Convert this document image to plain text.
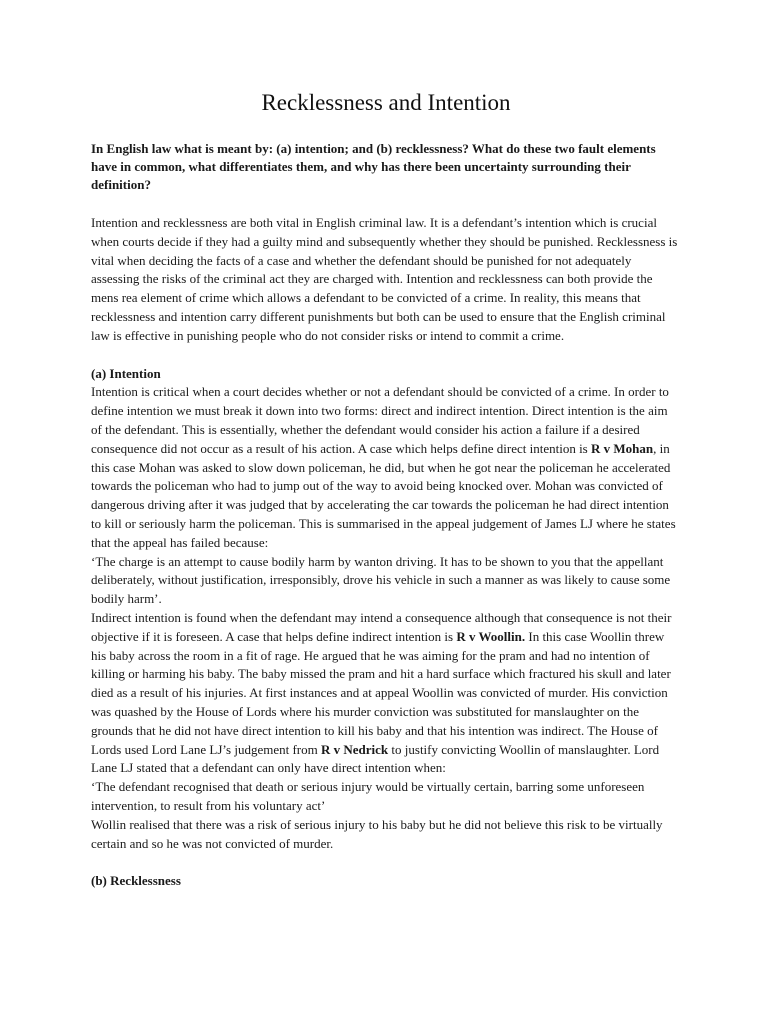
Recklessness and Intention

In English law what is meant by: (a) intention; and (b) recklessness? What do these two fault elements have in common, what differentiates them, and why has there been uncertainty surrounding their definition?

Intention and recklessness are both vital in English criminal law. It is a defendant’s intention which is crucial when courts decide if they had a guilty mind and subsequently whether they should be punished. Recklessness is vital when deciding the facts of a case and whether the defendant should be punished for not adequately assessing the risks of the criminal act they are charged with. Intention and recklessness can both provide the mens rea element of crime which allows a defendant to be convicted of a crime. In reality, this means that recklessness and intention carry different punishments but both can be used to ensure that the English criminal law is effective in punishing people who do not consider risks or intend to commit a crime.

(a) Intention

Intention is critical when a court decides whether or not a defendant should be convicted of a crime. In order to define intention we must break it down into two forms: direct and indirect intention. Direct intention is the aim of the defendant. This is essentially, whether the defendant would consider his action a failure if a desired consequence did not occur as a result of his action. A case which helps define direct intention is R v Mohan, in this case Mohan was asked to slow down policeman, he did, but when he got near the policeman he accelerated towards the policeman who had to jump out of the way to avoid being knocked over. Mohan was convicted of dangerous driving after it was judged that by accelerating the car towards the policeman he had direct intention to kill or seriously harm the policeman. This is summarised in the appeal judgement of James LJ where he states that the appeal has failed because:

‘The charge is an attempt to cause bodily harm by wanton driving. It has to be shown to you that the appellant deliberately, without justification, irresponsibly, drove his vehicle in such a manner as was likely to cause some bodily harm’.

Indirect intention is found when the defendant may intend a consequence although that consequence is not their objective if it is foreseen. A case that helps define indirect intention is R v Woollin. In this case Woollin threw his baby across the room in a fit of rage. He argued that he was aiming for the pram and had no intention of killing or harming his baby. The baby missed the pram and hit a hard surface which fractured his skull and later died as a result of his injuries. At first instances and at appeal Woollin was convicted of murder. His conviction was quashed by the House of Lords where his murder conviction was substituted for manslaughter on the grounds that he did not have direct intention to kill his baby and that his intention was indirect. The House of Lords used Lord Lane LJ’s judgement from R v Nedrick to justify convicting Woollin of manslaughter. Lord Lane LJ stated that a defendant can only have direct intention when:

‘The defendant recognised that death or serious injury would be virtually certain, barring some unforeseen intervention, to result from his voluntary act’

Wollin realised that there was a risk of serious injury to his baby but he did not believe this risk to be virtually certain and so he was not convicted of murder.

(b) Recklessness
